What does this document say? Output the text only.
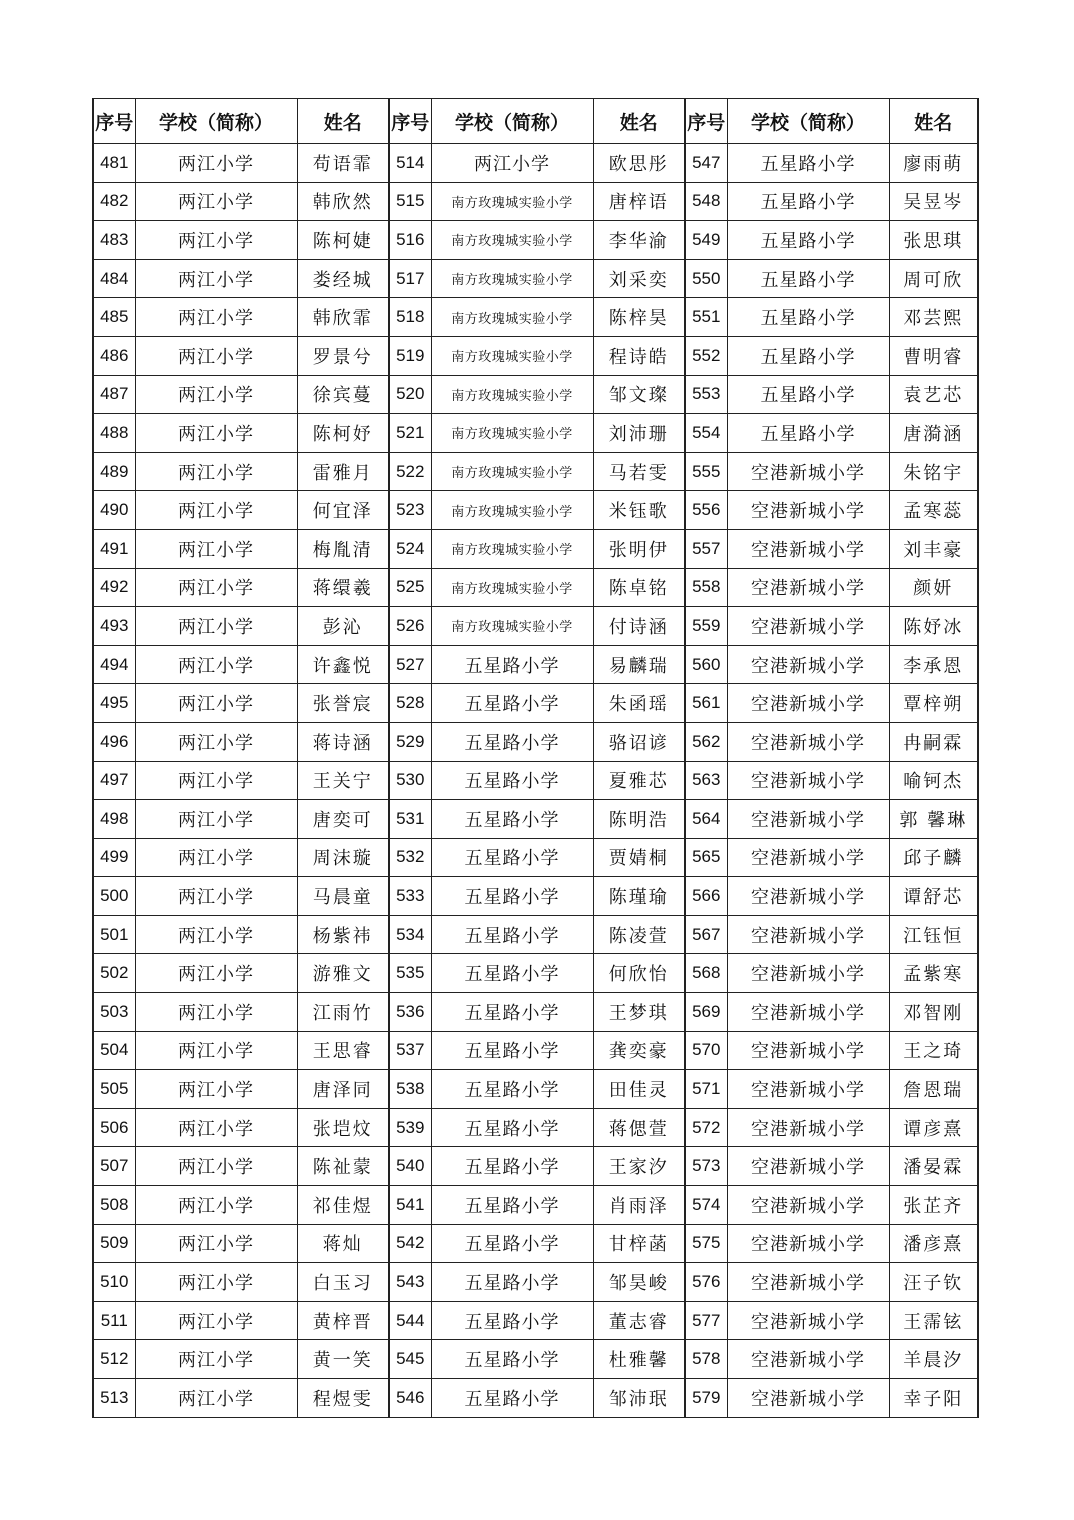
序号	学校（简称）	姓名	序号	学校（简称）	姓名	序号	学校（简称）	姓名
481	两江小学	苟语霏	514	两江小学	欧思彤	547	五星路小学	廖雨萌
482	两江小学	韩欣然	515	南方玫瑰城实验小学	唐梓语	548	五星路小学	吴昱岑
483	两江小学	陈柯婕	516	南方玫瑰城实验小学	李华渝	549	五星路小学	张思琪
484	两江小学	娄经城	517	南方玫瑰城实验小学	刘采奕	550	五星路小学	周可欣
485	两江小学	韩欣霏	518	南方玫瑰城实验小学	陈梓昊	551	五星路小学	邓芸熙
486	两江小学	罗景兮	519	南方玫瑰城实验小学	程诗皓	552	五星路小学	曹明睿
487	两江小学	徐宾蔓	520	南方玫瑰城实验小学	邹文璨	553	五星路小学	袁艺芯
488	两江小学	陈柯妤	521	南方玫瑰城实验小学	刘沛珊	554	五星路小学	唐漪涵
489	两江小学	雷雅月	522	南方玫瑰城实验小学	马若雯	555	空港新城小学	朱铭宇
490	两江小学	何宜泽	523	南方玫瑰城实验小学	米钰歌	556	空港新城小学	孟寒蕊
491	两江小学	梅胤清	524	南方玫瑰城实验小学	张明伊	557	空港新城小学	刘丰豪
492	两江小学	蒋缳羲	525	南方玫瑰城实验小学	陈卓铭	558	空港新城小学	颜妍
493	两江小学	彭沁	526	南方玫瑰城实验小学	付诗涵	559	空港新城小学	陈妤冰
494	两江小学	许鑫悦	527	五星路小学	易麟瑞	560	空港新城小学	李承恩
495	两江小学	张誉宸	528	五星路小学	朱函瑶	561	空港新城小学	覃梓朔
496	两江小学	蒋诗涵	529	五星路小学	骆诏谚	562	空港新城小学	冉嗣霖
497	两江小学	王关宁	530	五星路小学	夏雅芯	563	空港新城小学	喻钶杰
498	两江小学	唐奕可	531	五星路小学	陈明浩	564	空港新城小学	郭 馨琳
499	两江小学	周沫璇	532	五星路小学	贾婧桐	565	空港新城小学	邱子麟
500	两江小学	马晨童	533	五星路小学	陈瑾瑜	566	空港新城小学	谭舒芯
501	两江小学	杨紫祎	534	五星路小学	陈凌萱	567	空港新城小学	江钰恒
502	两江小学	游雅文	535	五星路小学	何欣怡	568	空港新城小学	孟紫寒
503	两江小学	江雨竹	536	五星路小学	王梦琪	569	空港新城小学	邓智刚
504	两江小学	王思睿	537	五星路小学	龚奕豪	570	空港新城小学	王之琦
505	两江小学	唐泽同	538	五星路小学	田佳灵	571	空港新城小学	詹恩瑞
506	两江小学	张垲炆	539	五星路小学	蒋偲萱	572	空港新城小学	谭彦熹
507	两江小学	陈祉蒙	540	五星路小学	王家汐	573	空港新城小学	潘晏霖
508	两江小学	祁佳煜	541	五星路小学	肖雨泽	574	空港新城小学	张芷齐
509	两江小学	蒋灿	542	五星路小学	甘梓菡	575	空港新城小学	潘彦熹
510	两江小学	白玉习	543	五星路小学	邹昊峻	576	空港新城小学	汪子钦
511	两江小学	黄梓晋	544	五星路小学	董志睿	577	空港新城小学	王霈铉
512	两江小学	黄一笑	545	五星路小学	杜雅馨	578	空港新城小学	羊晨汐
513	两江小学	程煜雯	546	五星路小学	邹沛珉	579	空港新城小学	幸子阳
